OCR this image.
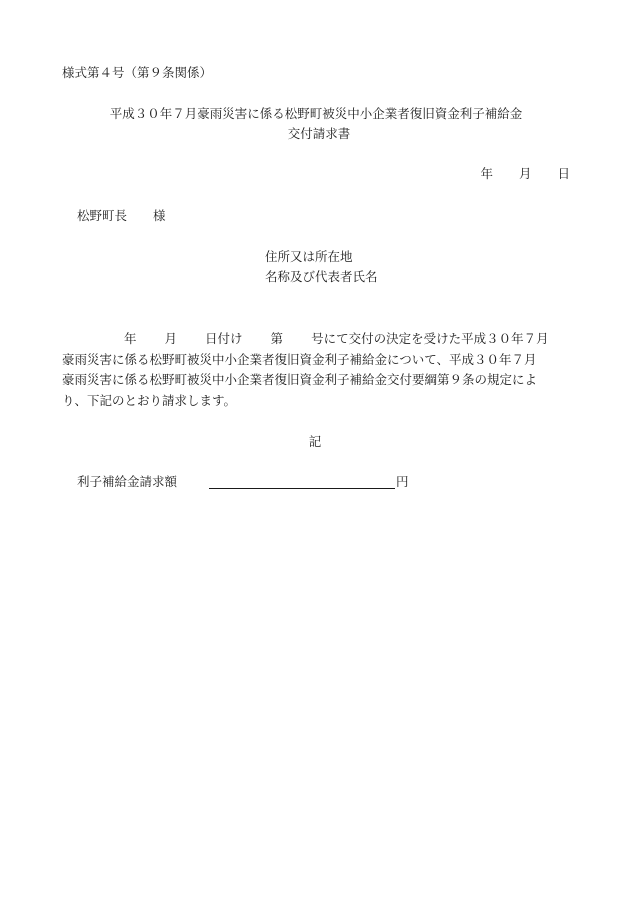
様式第４号（第９条関係）
平成３０年７月豪雨災害に係る松野町被災中小企業者復旧資金利子補給金
交付請求書
年 月 日
松野町長 様
住所又は所在地
名称及び代表者氏名
年 月 日付け 第 号にて交付の決定を受けた平成３０年７月
豪雨災害に係る松野町被災中小企業者復旧資金利子補給金について、平成３０年７月
豪雨災害に係る松野町被災中小企業者復旧資金利子補給金交付要綱第９条の規定によ
り、下記のとおり請求します。
記
利子補給金請求額	円
